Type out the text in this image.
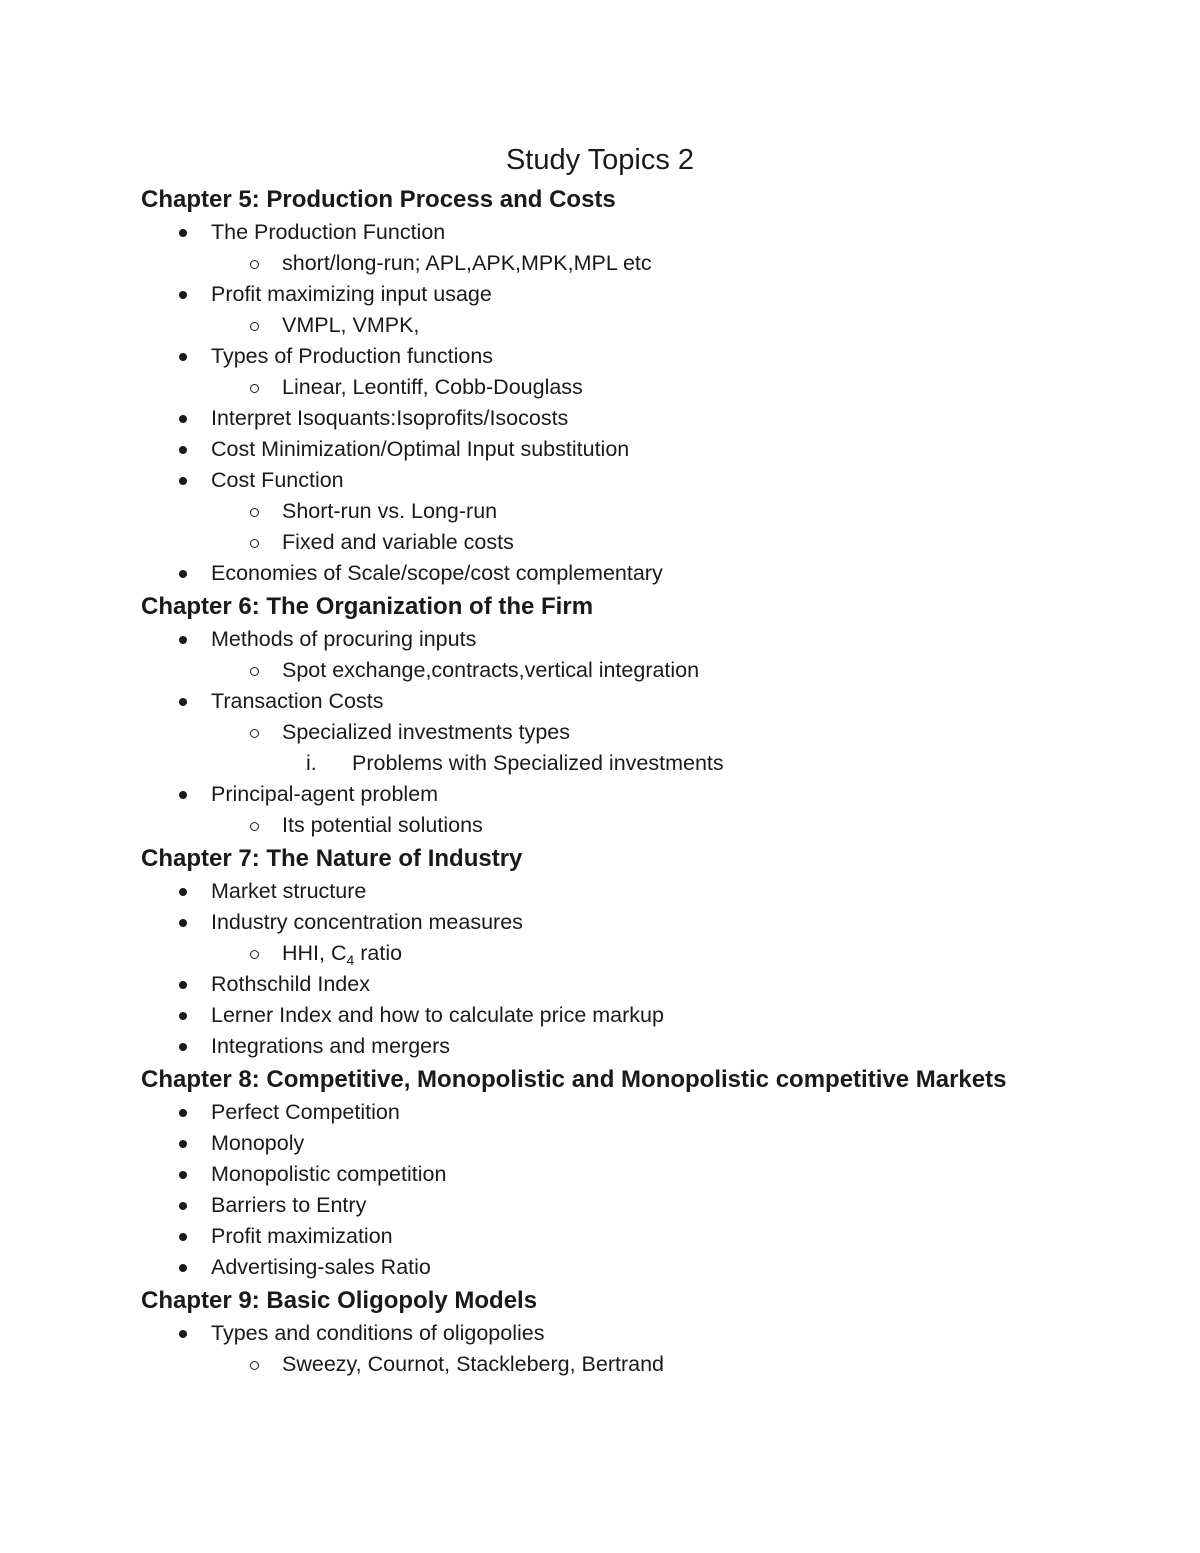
Study Topics 2
Chapter 5: Production Process and Costs
The Production Function
short/long-run; APL,APK,MPK,MPL etc
Profit maximizing input usage
VMPL, VMPK,
Types of Production functions
Linear, Leontiff, Cobb-Douglass
Interpret Isoquants:Isoprofits/Isocosts
Cost Minimization/Optimal Input substitution
Cost Function
Short-run vs. Long-run
Fixed and variable costs
Economies of Scale/scope/cost complementary
Chapter 6: The Organization of the Firm
Methods of procuring inputs
Spot exchange,contracts,vertical integration
Transaction Costs
Specialized investments types
i. Problems with Specialized investments
Principal-agent problem
Its potential solutions
Chapter 7: The Nature of Industry
Market structure
Industry concentration measures
HHI, $C_4$ ratio
Rothschild Index
Lerner Index and how to calculate price markup
Integrations and mergers
Chapter 8: Competitive, Monopolistic and Monopolistic competitive Markets
Perfect Competition
Monopoly
Monopolistic competition
Barriers to Entry
Profit maximization
Advertising-sales Ratio
Chapter 9: Basic Oligopoly Models
Types and conditions of oligopolies
Sweezy, Cournot, Stackleberg, Bertrand
